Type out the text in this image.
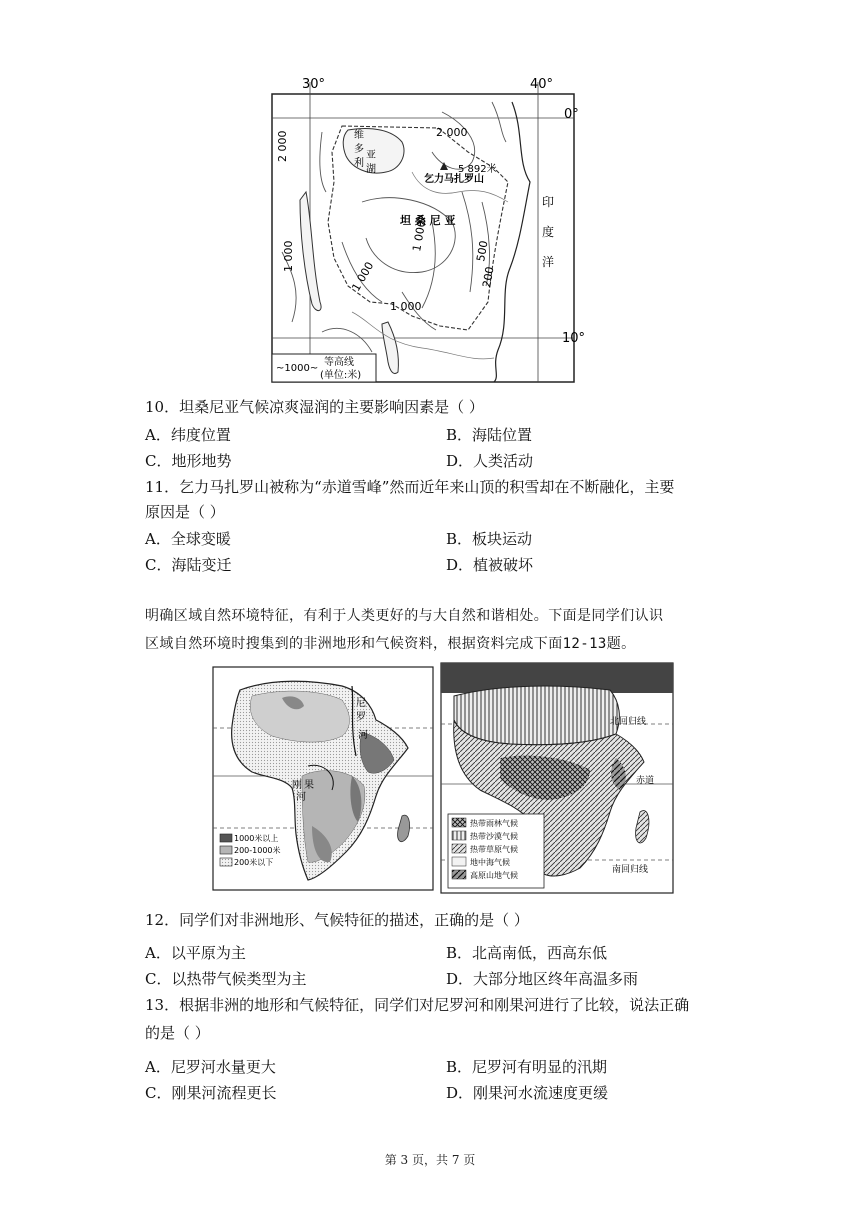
30°	40°
0°
10°
2 000
2 000
1 000
1 000
1 000	500
200
1 000
5 892米
乞力马扎罗山
坦 桑 尼 亚
维
多
利
亚
湖
印
度
洋
~1000~
等高线
(单位:米)
10．坦桑尼亚气候凉爽湿润的主要影响因素是（ ）
A．纬度位置	B．海陆位置
C．地形地势	D．人类活动
11．乞力马扎罗山被称为“赤道雪峰”然而近年来山顶的积雪却在不断融化，主要
原因是（ ）
A．全球变暖	B．板块运动
C．海陆变迁	D．植被破坏
明确区域自然环境特征，有利于人类更好的与大自然和谐相处。下面是同学们认识
区域自然环境时搜集到的非洲地形和气候资料，根据资料完成下面12-13题。
尼
罗
河
刚 果
河
1000米以上
200-1000米
200米以下
北回归线
赤道
南回归线
热带雨林气候
热带沙漠气候
热带草原气候
地中海气候
高原山地气候
12．同学们对非洲地形、气候特征的描述，正确的是（ ）
A．以平原为主	B．北高南低，西高东低
C．以热带气候类型为主	D．大部分地区终年高温多雨
13．根据非洲的地形和气候特征，同学们对尼罗河和刚果河进行了比较，说法正确
的是（ ）
A．尼罗河水量更大	B．尼罗河有明显的汛期
C．刚果河流程更长	D．刚果河水流速度更缓
第 3 页，共 7 页
